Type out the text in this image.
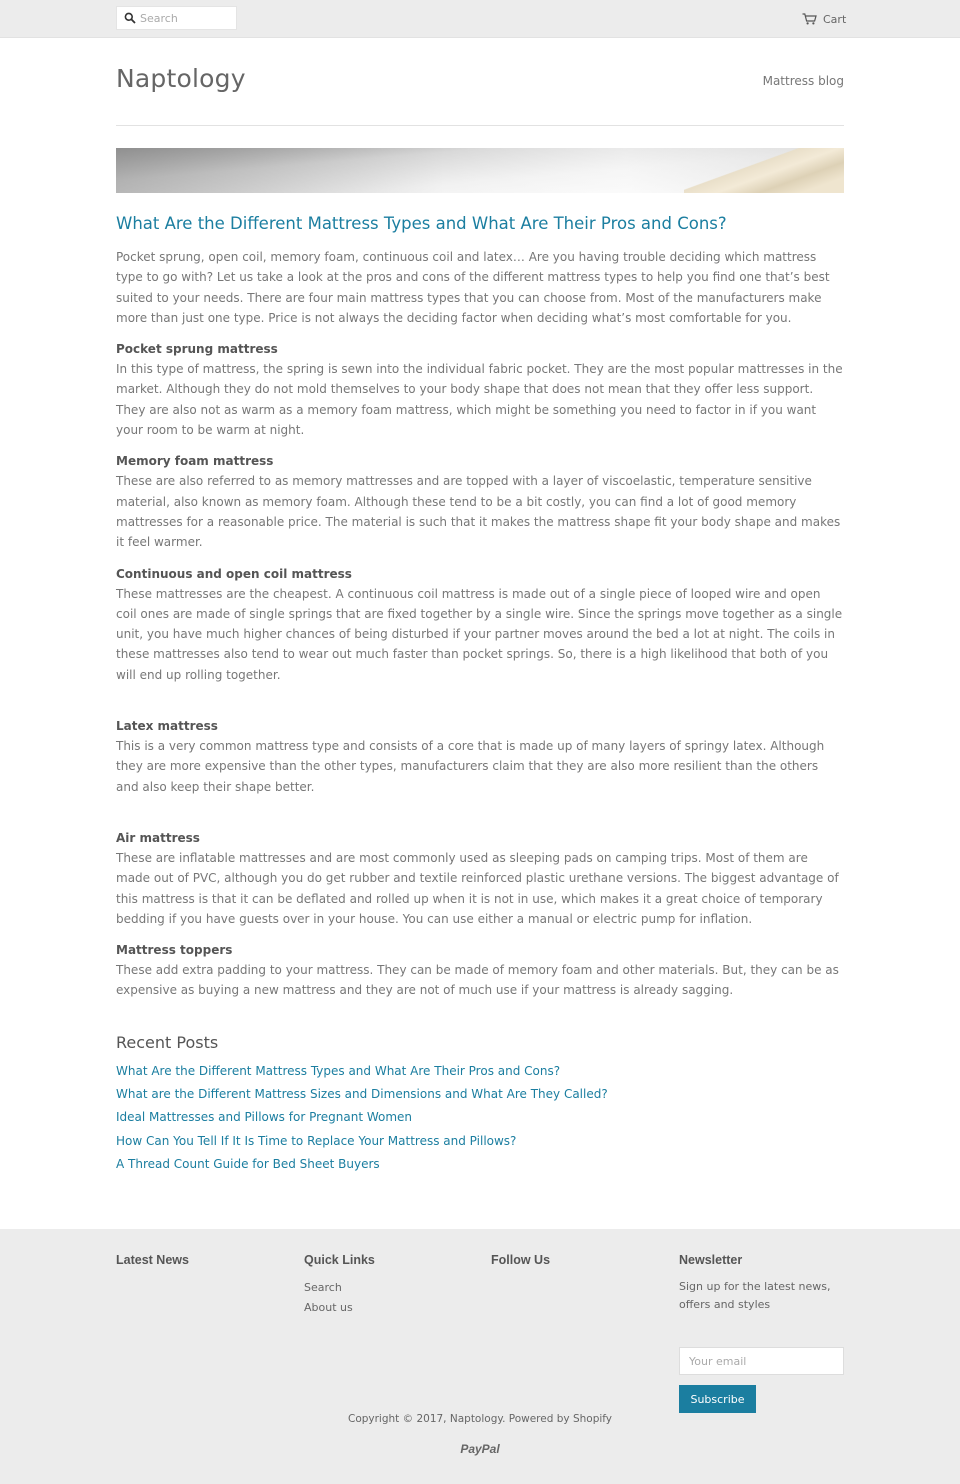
Search
Cart
Naptology	Mattress blog
What Are the Different Mattress Types and What Are Their Pros and Cons?

Pocket sprung, open coil, memory foam, continuous coil and latex… Are you having trouble deciding which mattress type to go with? Let us take a look at the pros and cons of the different mattress types to help you find one that’s best suited to your needs. There are four main mattress types that you can choose from. Most of the manufacturers make more than just one type. Price is not always the deciding factor when deciding what’s most comfortable for you.

Pocket sprung mattress

In this type of mattress, the spring is sewn into the individual fabric pocket. They are the most popular mattresses in the market. Although they do not mold themselves to your body shape that does not mean that they offer less support. They are also not as warm as a memory foam mattress, which might be something you need to factor in if you want your room to be warm at night.

Memory foam mattress

These are also referred to as memory mattresses and are topped with a layer of viscoelastic, temperature sensitive material, also known as memory foam. Although these tend to be a bit costly, you can find a lot of good memory mattresses for a reasonable price. The material is such that it makes the mattress shape fit your body shape and makes it feel warmer.

Continuous and open coil mattress

These mattresses are the cheapest. A continuous coil mattress is made out of a single piece of looped wire and open coil ones are made of single springs that are fixed together by a single wire. Since the springs move together as a single unit, you have much higher chances of being disturbed if your partner moves around the bed a lot at night. The coils in these mattresses also tend to wear out much faster than pocket springs. So, there is a high likelihood that both of you will end up rolling together.

Latex mattress

This is a very common mattress type and consists of a core that is made up of many layers of springy latex. Although they are more expensive than the other types, manufacturers claim that they are also more resilient than the others and also keep their shape better.

Air mattress

These are inflatable mattresses and are most commonly used as sleeping pads on camping trips. Most of them are made out of PVC, although you do get rubber and textile reinforced plastic urethane versions. The biggest advantage of this mattress is that it can be deflated and rolled up when it is not in use, which makes it a great choice of temporary bedding if you have guests over in your house. You can use either a manual or electric pump for inflation.

Mattress toppers

These add extra padding to your mattress. They can be made of memory foam and other materials. But, they can be as expensive as buying a new mattress and they are not of much use if your mattress is already sagging.

Recent Posts
What Are the Different Mattress Types and What Are Their Pros and Cons?
What are the Different Mattress Sizes and Dimensions and What Are They Called?
Ideal Mattresses and Pillows for Pregnant Women
How Can You Tell If It Is Time to Replace Your Mattress and Pillows?
A Thread Count Guide for Bed Sheet Buyers
Latest News	Quick Links
Search
About us
Follow Us	Newsletter

Sign up for the latest news, offers and styles

Your email
Subscribe
Copyright © 2017, Naptology. Powered by Shopify
PayPal
